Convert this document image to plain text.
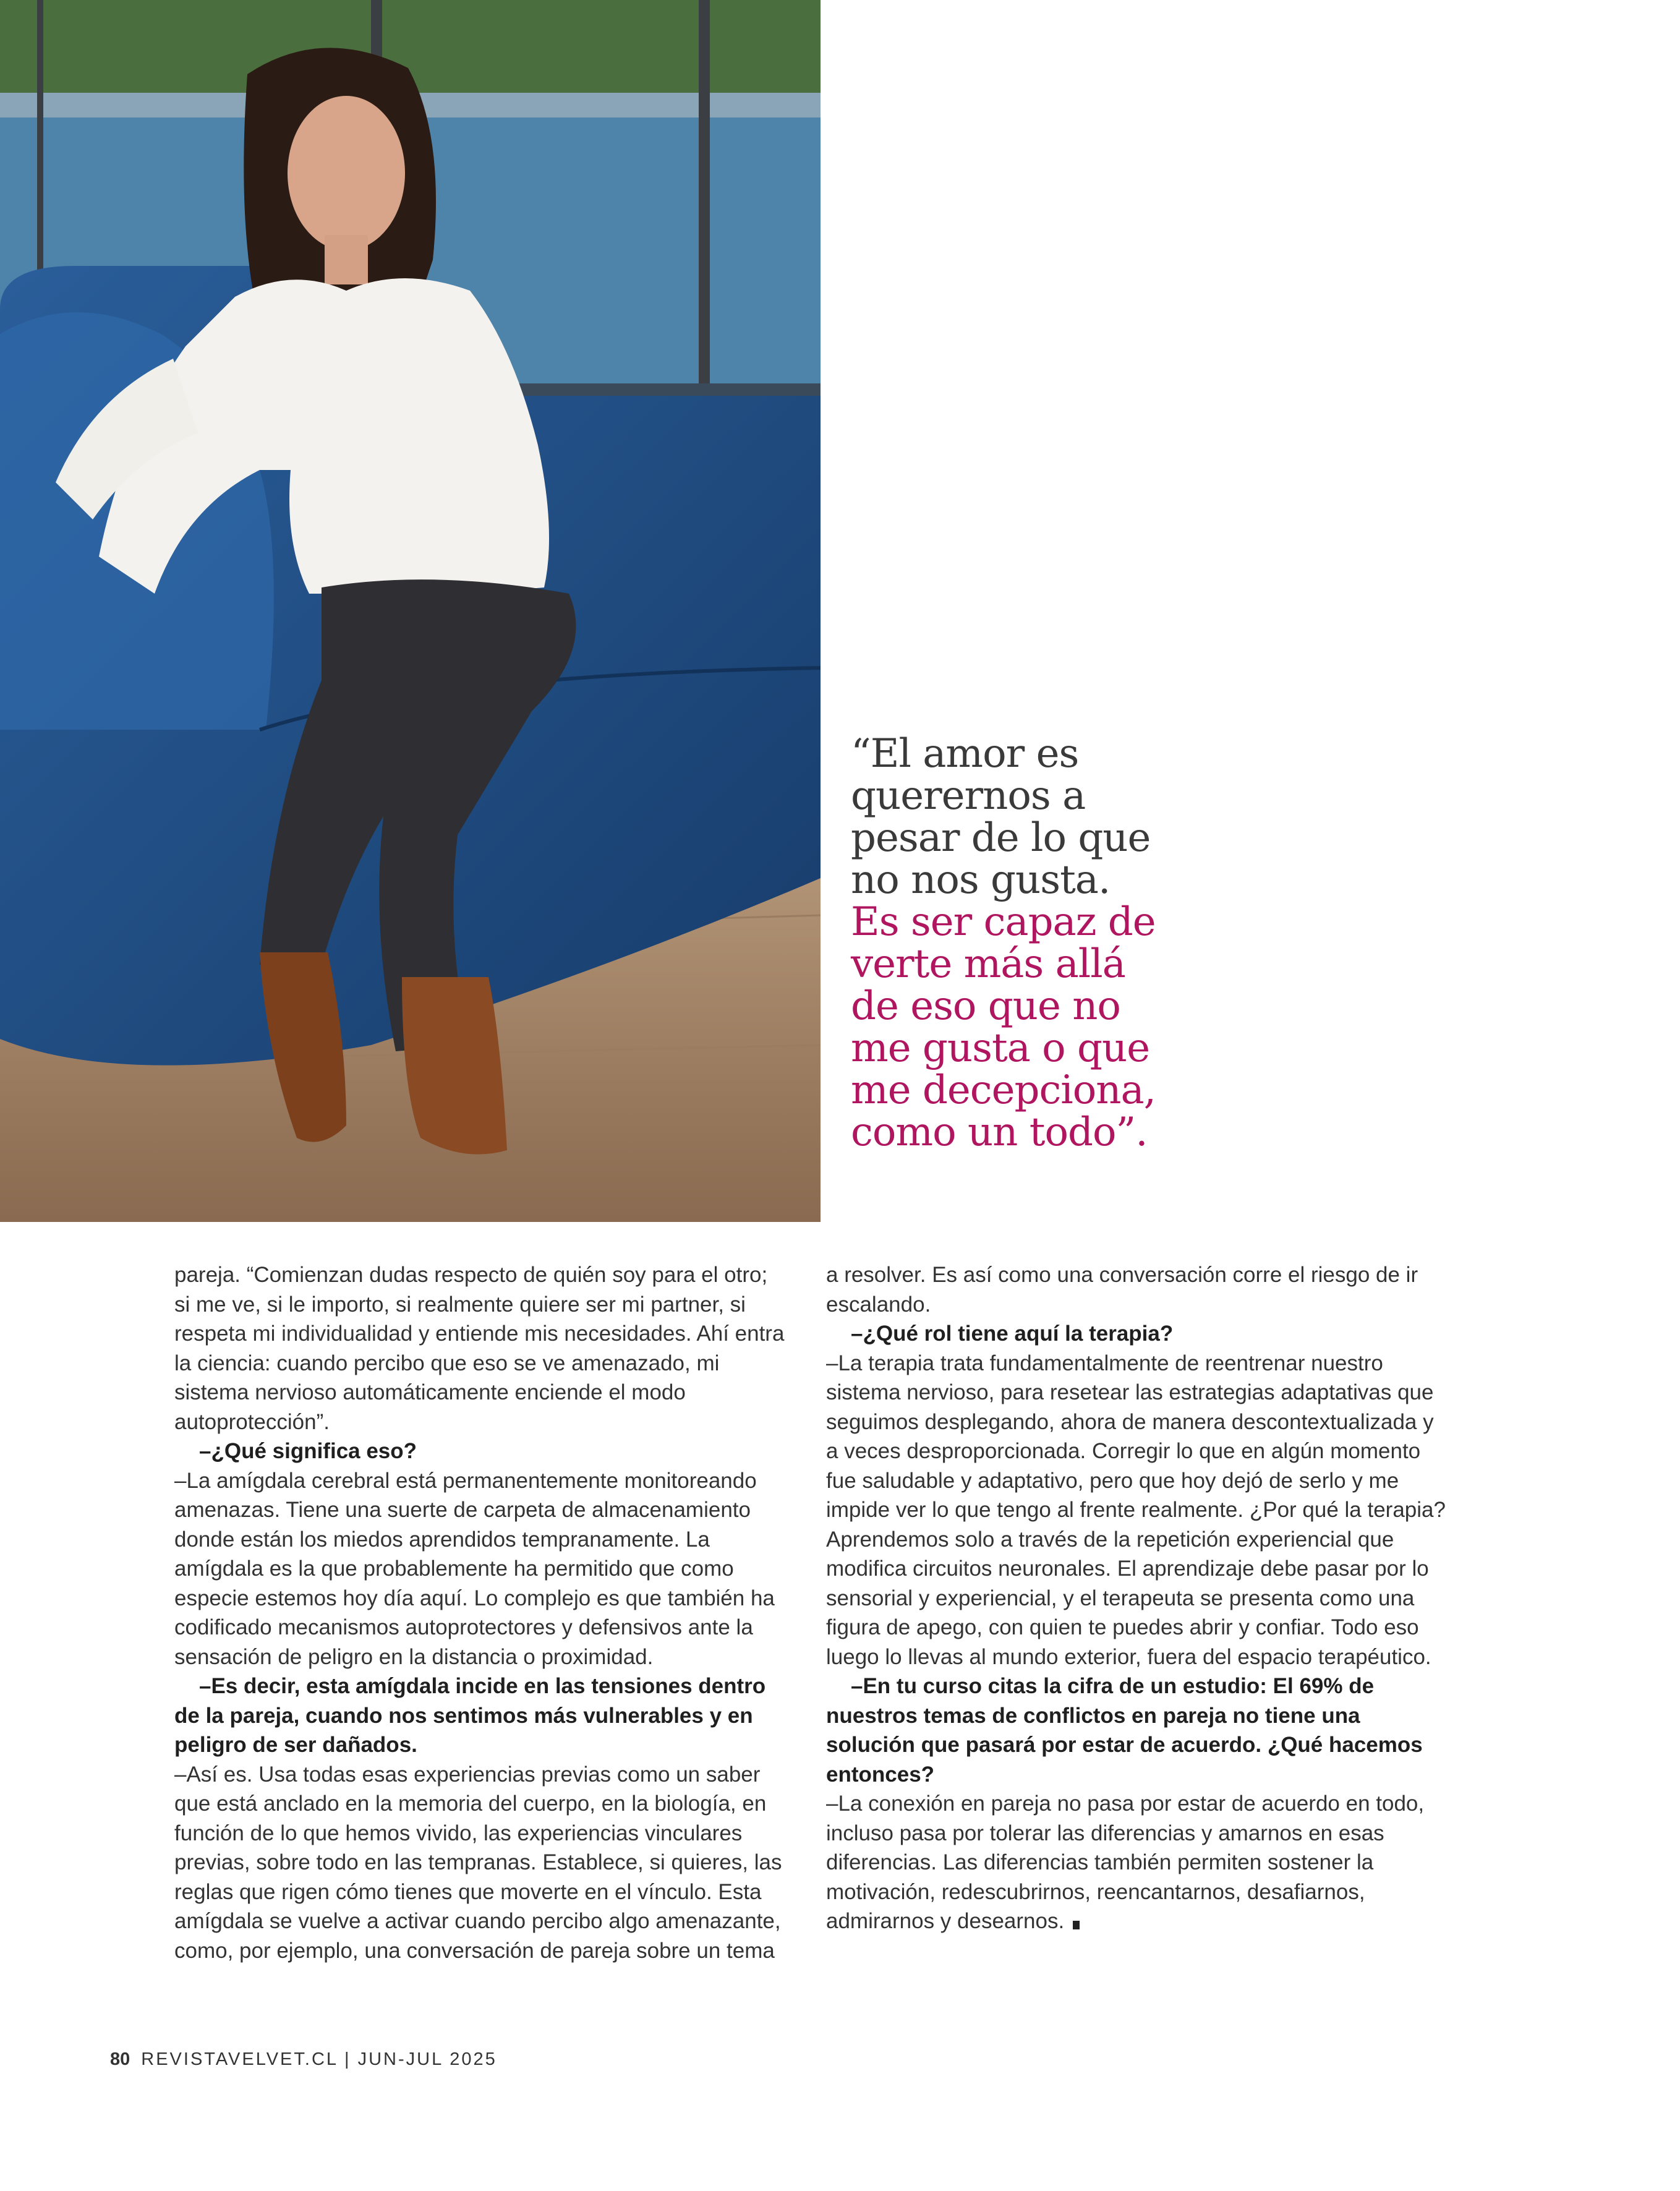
“El amor es
querernos a
pesar de lo que
no nos gusta.
Es ser capaz de
verte más allá
de eso que no
me gusta o que
me decepciona,
como un todo”.

pareja. “Comienzan dudas respecto de quién soy para el otro; si me ve, si le importo, si realmente quiere ser mi partner, si respeta mi individualidad y entiende mis necesidades. Ahí entra la ciencia: cuando percibo que eso se ve amenazado, mi sistema nervioso automáticamente enciende el modo autoprotección”.

–¿Qué significa eso?

–La amígdala cerebral está permanentemente monitoreando amenazas. Tiene una suerte de carpeta de almacenamiento donde están los miedos aprendidos tempranamente. La amígdala es la que probablemente ha permitido que como especie estemos hoy día aquí. Lo complejo es que también ha codificado mecanismos autoprotectores y defensivos ante la sensación de peligro en la distancia o proximidad.

–Es decir, esta amígdala incide en las tensiones dentro de la pareja, cuando nos sentimos más vulnerables y en peligro de ser dañados.

–Así es. Usa todas esas experiencias previas como un saber que está anclado en la memoria del cuerpo, en la biología, en función de lo que hemos vivido, las experiencias vinculares previas, sobre todo en las tempranas. Establece, si quieres, las reglas que rigen cómo tienes que moverte en el vínculo. Esta amígdala se vuelve a activar cuando percibo algo amenazante, como, por ejemplo, una conversación de pareja sobre un tema

a resolver. Es así como una conversación corre el riesgo de ir escalando.

–¿Qué rol tiene aquí la terapia?

–La terapia trata fundamentalmente de reentrenar nuestro sistema nervioso, para resetear las estrategias adaptativas que seguimos desplegando, ahora de manera descontextualizada y a veces desproporcionada. Corregir lo que en algún momento fue saludable y adaptativo, pero que hoy dejó de serlo y me impide ver lo que tengo al frente realmente. ¿Por qué la terapia? Aprendemos solo a través de la repetición experiencial que modifica circuitos neuronales. El aprendizaje debe pasar por lo sensorial y experiencial, y el terapeuta se presenta como una figura de apego, con quien te puedes abrir y confiar. Todo eso luego lo llevas al mundo exterior, fuera del espacio terapéutico.

–En tu curso citas la cifra de un estudio: El 69% de nuestros temas de conflictos en pareja no tiene una solución que pasará por estar de acuerdo. ¿Qué hacemos entonces?

–La conexión en pareja no pasa por estar de acuerdo en todo, incluso pasa por tolerar las diferencias y amarnos en esas diferencias. Las diferencias también permiten sostener la motivación, redescubrirnos, reencantarnos, desafiarnos, admirarnos y desearnos.

80 REVISTAVELVET.CL | JUN-JUL 2025
